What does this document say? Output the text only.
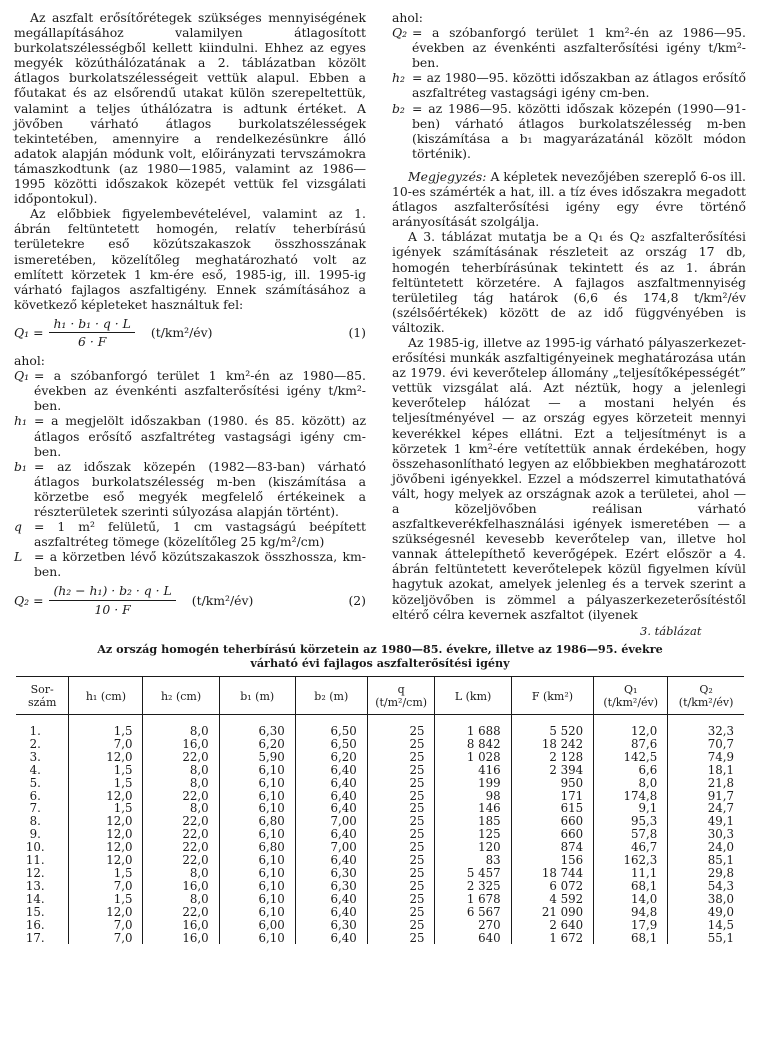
Az aszfalt erősítőrétegek szükséges mennyiségének megállapításához valamilyen átlagosított burkolatszélességből kellett kiindulni. Ehhez az egyes megyék közúthálózatának a 2. táblázatban közölt átlagos burkolatszélességeit vettük alapul. Ebben a főutakat és az elsőrendű utakat külön szerepeltettük, valamint a teljes úthálózatra is adtunk értéket. A jövőben várható átlagos burkolatszélességek tekintetében, amennyire a rendelkezésünkre álló adatok alapján módunk volt, előirányzati tervszámokra támaszkodtunk (az 1980—1985, valamint az 1986—1995 közötti időszakok közepét vettük fel vizsgálati időpontokul).

Az előbbiek figyelembevételével, valamint az 1. ábrán feltüntetett homogén, relatív teherbírású területekre eső közútszakaszok összhosszának ismeretében, közelítőleg meghatározható volt az említett körzetek 1 km-ére eső, 1985-ig, ill. 1995-ig várható fajlagos aszfaltigény. Ennek számításához a következő képleteket használtuk fel:

$Q_1 = \frac{\text{h₁ · b₁ · q · L}}{6 \cdot F}$ (t/km²/év)	(1)

ahol:

Q₁ = a szóbanforgó terület 1 km²-én az 1980—85. években az évenkénti aszfalterősítési igény t/km²-ben.
h₁ = a megjelölt időszakban (1980. és 85. között) az átlagos erősítő aszfaltréteg vastagsági igény cm-ben.
b₁ = az időszak közepén (1982—83-ban) várható átlagos burkolatszélesség m-ben (kiszámítása a körzetbe eső megyék megfelelő értékeinek a részterületek szerinti súlyozása alapján történt).
q = 1 m² felületű, 1 cm vastagságú beépített aszfaltréteg tömege (közelítőleg 25 kg/m²/cm)
L = a körzetben lévő közútszakaszok összhossza, km-ben.
$Q_2 = \frac{\text{(h₂ − h₁) · b₂ · q · L}}{10 \cdot F}$ (t/km²/év)	(2)

ahol:

Q₂ = a szóbanforgó terület 1 km²-én az 1986—95. években az évenkénti aszfalterősítési igény t/km²-ben.
h₂ = az 1980—95. közötti időszakban az átlagos erősítő aszfaltréteg vastagsági igény cm-ben.
b₂ = az 1986—95. közötti időszak közepén (1990—91-ben) várható átlagos burkolatszélesség m-ben (kiszámítása a b₁ magyarázatánál közölt módon történik).

Megjegyzés: A képletek nevezőjében szereplő 6-os ill. 10-es számérték a hat, ill. a tíz éves időszakra megadott átlagos aszfalterősítési igény egy évre történő arányosítását szolgálja.

A 3. táblázat mutatja be a Q₁ és Q₂ aszfalterősítési igények számításának részleteit az ország 17 db, homogén teherbírásúnak tekintett és az 1. ábrán feltüntetett körzetére. A fajlagos aszfaltmennyiség területileg tág határok (6,6 és 174,8 t/km²/év (szélsőértékek) között de az idő függvényében is változik.

Az 1985-ig, illetve az 1995-ig várható pályaszerkezet-erősítési munkák aszfaltigényeinek meghatározása után az 1979. évi keverőtelep állomány „teljesítőképességét” vettük vizsgálat alá. Azt néztük, hogy a jelenlegi keverőtelep hálózat — a mostani helyén és teljesítményével — az ország egyes körzeteit mennyi keverékkel képes ellátni. Ezt a teljesítményt is a körzetek 1 km²-ére vetítettük annak érdekében, hogy összehasonlítható legyen az előbbiekben meghatározott jövőbeni igényekkel. Ezzel a módszerrel kimutathatóvá vált, hogy melyek az országnak azok a területei, ahol — a közeljövőben reálisan várható aszfaltkeverékfelhasználási igények ismeretében — a szükségesnél kevesebb keverőtelep van, illetve hol vannak áttelepíthető keverőgépek. Ezért először a 4. ábrán feltüntetett keverőtelepek közül figyelmen kívül hagytuk azokat, amelyek jelenleg és a tervek szerint a közeljövőben is zömmel a pályaszerkezeterősítéstől eltérő célra kevernek aszfaltot (ilyenek

3. táblázat
Az ország homogén teherbírású körzetein az 1980—85. évekre, illetve az 1986—95. évekre
várható évi fajlagos aszfalterősítési igény
Sor-
szám	h₁ (cm)	h₂ (cm)	b₁ (m)	b₂ (m)	q
(t/m²/cm)	L (km)	F (km²)	Q₁
(t/km²/év)	Q₂
(t/km²/év)
1.	1,5	8,0	6,30	6,50	25	1 688	5 520	12,0	32,3
2.	7,0	16,0	6,20	6,50	25	8 842	18 242	87,6	70,7
3.	12,0	22,0	5,90	6,20	25	1 028	2 128	142,5	74,9
4.	1,5	8,0	6,10	6,40	25	416	2 394	6,6	18,1
5.	1,5	8,0	6,10	6,40	25	199	950	8,0	21,8
6.	12,0	22,0	6,10	6,40	25	98	171	174,8	91,7
7.	1,5	8,0	6,10	6,40	25	146	615	9,1	24,7
8.	12,0	22,0	6,80	7,00	25	185	660	95,3	49,1
9.	12,0	22,0	6,10	6,40	25	125	660	57,8	30,3
10.	12,0	22,0	6,80	7,00	25	120	874	46,7	24,0
11.	12,0	22,0	6,10	6,40	25	83	156	162,3	85,1
12.	1,5	8,0	6,10	6,30	25	5 457	18 744	11,1	29,8
13.	7,0	16,0	6,10	6,30	25	2 325	6 072	68,1	54,3
14.	1,5	8,0	6,10	6,40	25	1 678	4 592	14,0	38,0
15.	12,0	22,0	6,10	6,40	25	6 567	21 090	94,8	49,0
16.	7,0	16,0	6,00	6,30	25	270	2 640	17,9	14,5
17.	7,0	16,0	6,10	6,40	25	640	1 672	68,1	55,1
